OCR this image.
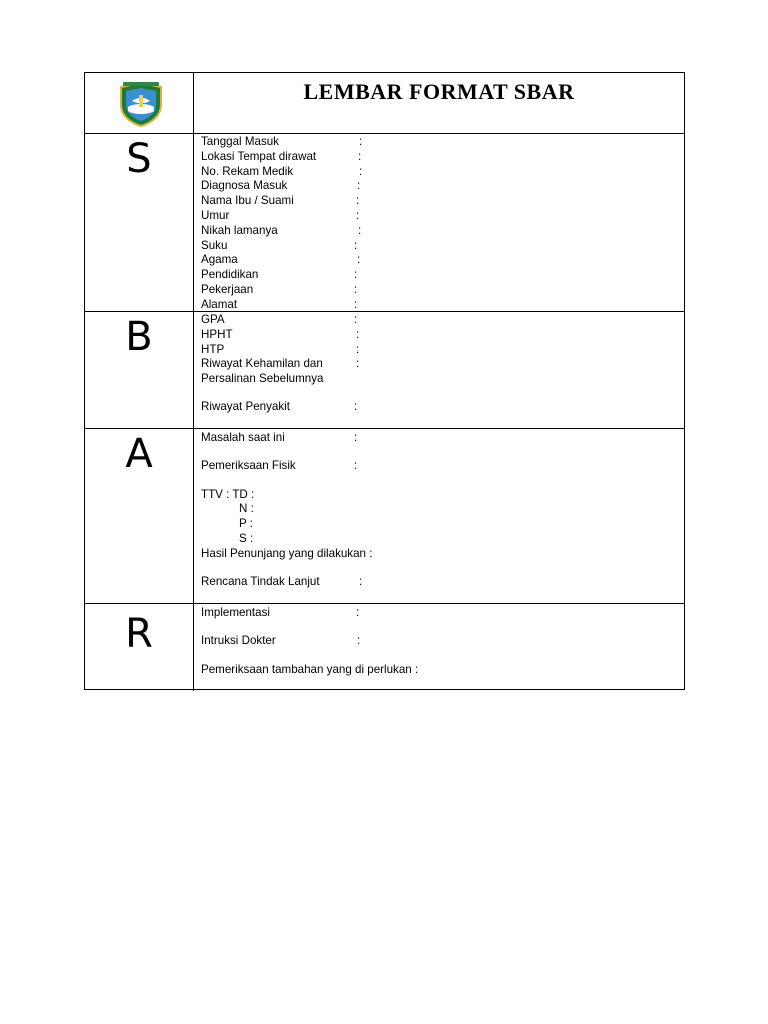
LEMBAR FORMAT SBAR
S	Tanggal Masuk	:
Lokasi Tempat dirawat	:
No. Rekam Medik	:
Diagnosa Masuk	:
Nama Ibu / Suami	:
Umur	:
Nikah lamanya	:
Suku	:
Agama	:
Pendidikan	:
Pekerjaan	:
Alamat	:
B	GPA	:
HPHT	:
HTP	:
Riwayat Kehamilan dan	:
Persalinan Sebelumnya
Riwayat Penyakit	:
A	Masalah saat ini	:
Pemeriksaan Fisik	:
TTV : TD :
N :
P :
S :
Hasil Penunjang yang dilakukan :
Rencana Tindak Lanjut	:
R	Implementasi	:
Intruksi Dokter	:
Pemeriksaan tambahan yang di perlukan :
